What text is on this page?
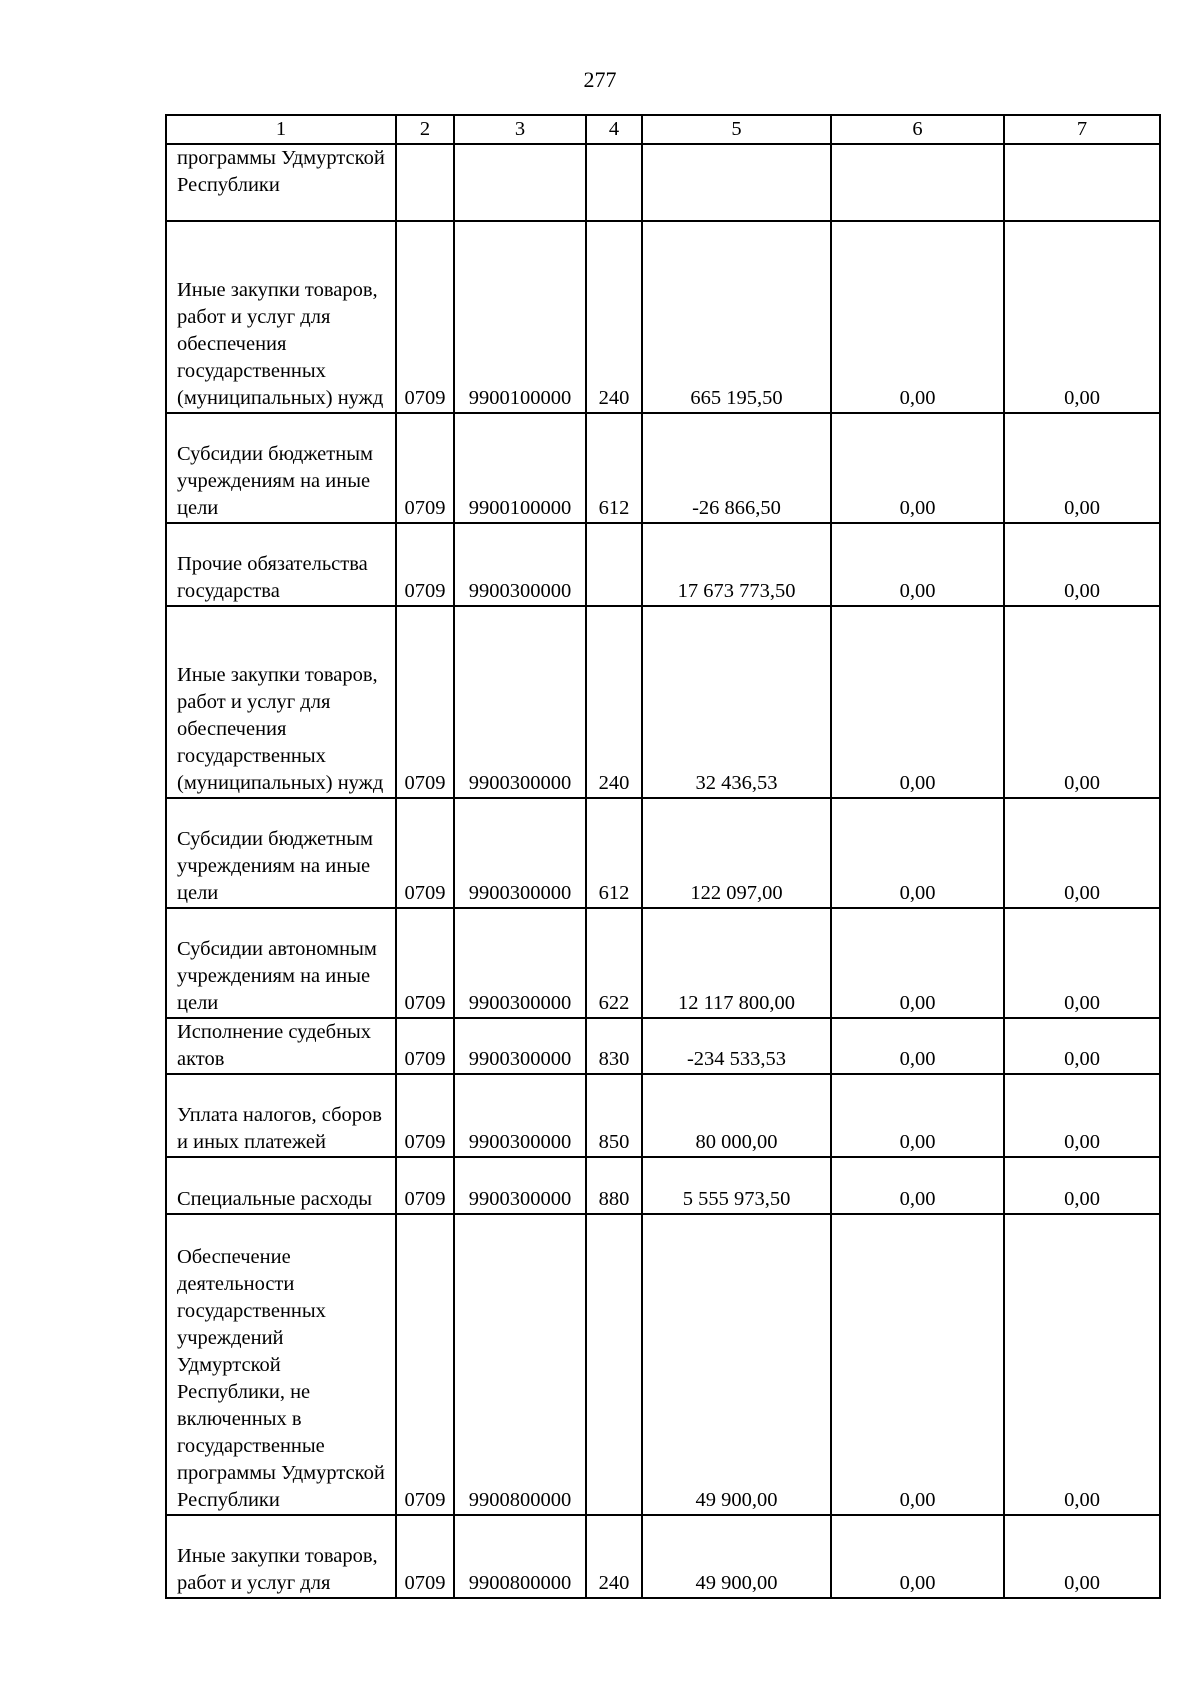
277
1	2	3	4	5	6	7
программы Удмуртской Республики						
Иные закупки товаров, работ и услуг для обеспечения государственных (муниципальных) нужд	0709	9900100000	240	665 195,50	0,00	0,00
Субсидии бюджетным учреждениям на иные цели	0709	9900100000	612	-26 866,50	0,00	0,00
Прочие обязательства государства	0709	9900300000		17 673 773,50	0,00	0,00
Иные закупки товаров, работ и услуг для обеспечения государственных (муниципальных) нужд	0709	9900300000	240	32 436,53	0,00	0,00
Субсидии бюджетным учреждениям на иные цели	0709	9900300000	612	122 097,00	0,00	0,00
Субсидии автономным учреждениям на иные цели	0709	9900300000	622	12 117 800,00	0,00	0,00
Исполнение судебных актов	0709	9900300000	830	-234 533,53	0,00	0,00
Уплата налогов, сборов и иных платежей	0709	9900300000	850	80 000,00	0,00	0,00
Специальные расходы	0709	9900300000	880	5 555 973,50	0,00	0,00
Обеспечение деятельности государственных учреждений Удмуртской Республики, не включенных в государственные программы Удмуртской Республики	0709	9900800000		49 900,00	0,00	0,00
Иные закупки товаров, работ и услуг для	0709	9900800000	240	49 900,00	0,00	0,00
